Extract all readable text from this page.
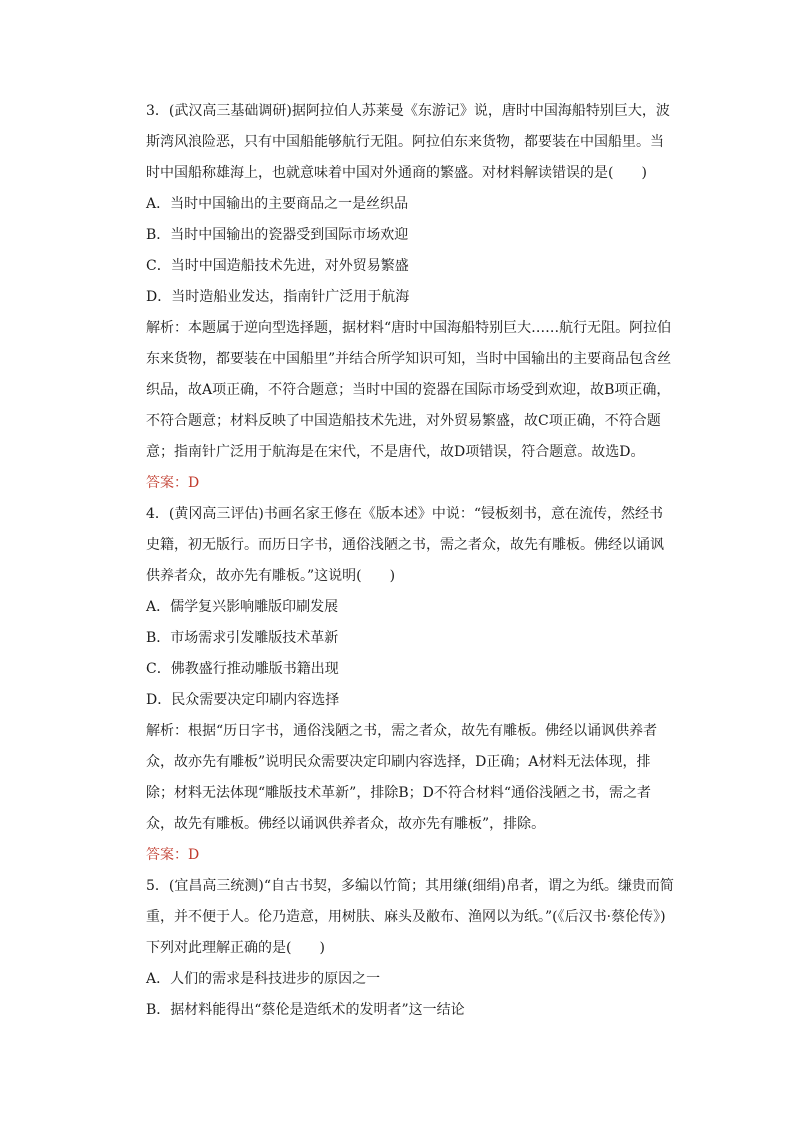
3．(武汉高三基础调研)据阿拉伯人苏莱曼《东游记》说，唐时中国海船特别巨大，波斯湾风浪险恶，只有中国船能够航行无阻。阿拉伯东来货物，都要装在中国船里。当时中国船称雄海上，也就意味着中国对外通商的繁盛。对材料解读错误的是(　　)

A．当时中国输出的主要商品之一是丝织品

B．当时中国输出的瓷器受到国际市场欢迎

C．当时中国造船技术先进，对外贸易繁盛

D．当时造船业发达，指南针广泛用于航海

解析：本题属于逆向型选择题，据材料“唐时中国海船特别巨大……航行无阻。阿拉伯东来货物，都要装在中国船里”并结合所学知识可知，当时中国输出的主要商品包含丝织品，故A项正确，不符合题意；当时中国的瓷器在国际市场受到欢迎，故B项正确，不符合题意；材料反映了中国造船技术先进，对外贸易繁盛，故C项正确，不符合题意；指南针广泛用于航海是在宋代，不是唐代，故D项错误，符合题意。故选D。

答案：D

4．(黄冈高三评估)书画名家王修在《版本述》中说：“锓板刻书，意在流传，然经书史籍，初无版行。而历日字书，通俗浅陋之书，需之者众，故先有雕板。佛经以诵讽供养者众，故亦先有雕板。”这说明(　　)

A．儒学复兴影响雕版印刷发展

B．市场需求引发雕版技术革新

C．佛教盛行推动雕版书籍出现

D．民众需要决定印刷内容选择

解析：根据“历日字书，通俗浅陋之书，需之者众，故先有雕板。佛经以诵讽供养者众，故亦先有雕板”说明民众需要决定印刷内容选择，D正确；A材料无法体现，排除；材料无法体现“雕版技术革新”，排除B；D不符合材料“通俗浅陋之书，需之者众，故先有雕板。佛经以诵讽供养者众，故亦先有雕板”，排除。

答案：D

5．(宜昌高三统测)“自古书契，多编以竹简；其用缣(细绢)帛者，谓之为纸。缣贵而简重，并不便于人。伦乃造意，用树肤、麻头及敝布、渔网以为纸。”(《后汉书·蔡伦传》)下列对此理解正确的是(　　)

A．人们的需求是科技进步的原因之一

B．据材料能得出“蔡伦是造纸术的发明者”这一结论
